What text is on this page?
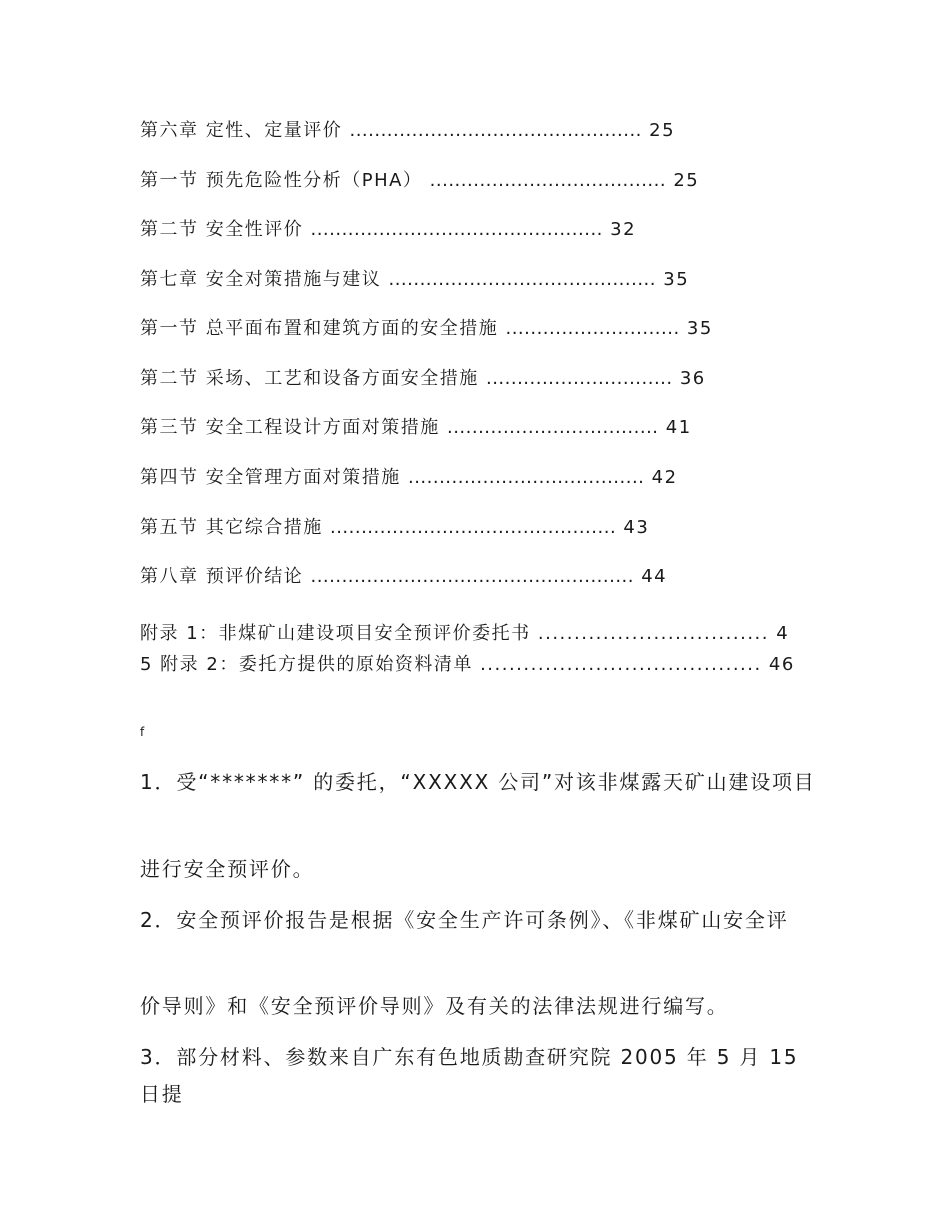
第六章 定性、定量评价 ............................................... 25
第一节 预先危险性分析（PHA） ...................................... 25
第二节 安全性评价 ............................................... 32
第七章 安全对策措施与建议 ........................................... 35
第一节 总平面布置和建筑方面的安全措施 ............................ 35
第二节 采场、工艺和设备方面安全措施 .............................. 36
第三节 安全工程设计方面对策措施 .................................. 41
第四节 安全管理方面对策措施 ...................................... 42
第五节 其它综合措施 .............................................. 43
第八章 预评价结论 .................................................... 44
附录 1：非煤矿山建设项目安全预评价委托书 ................................ 45 附录 2：委托方提供的原始资料清单 ....................................... 46
f
1．受“*******” 的委托，“XXXXX 公司”对该非煤露天矿山建设项目
进行安全预评价。
2．安全预评价报告是根据《安全生产许可条例》、《非煤矿山安全评
价导则》和《安全预评价导则》及有关的法律法规进行编写。
3．部分材料、参数来自广东有色地质勘查研究院 2005 年 5 月 15 日提
